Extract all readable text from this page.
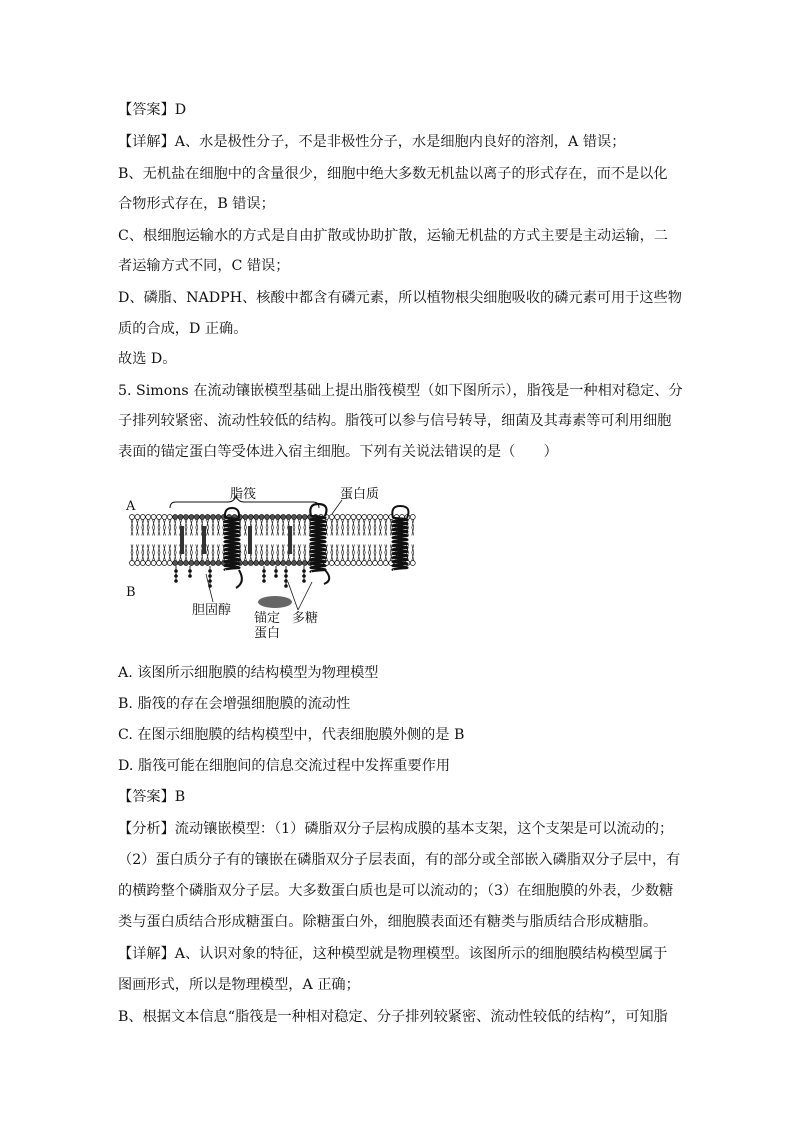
【答案】D
【详解】A、水是极性分子，不是非极性分子，水是细胞内良好的溶剂，A 错误；
B、无机盐在细胞中的含量很少，细胞中绝大多数无机盐以离子的形式存在，而不是以化
合物形式存在，B 错误；
C、根细胞运输水的方式是自由扩散或协助扩散，运输无机盐的方式主要是主动运输，二
者运输方式不同，C 错误；
D、磷脂、NADPH、核酸中都含有磷元素，所以植物根尖细胞吸收的磷元素可用于这些物
质的合成，D 正确。
故选 D。
5. Simons 在流动镶嵌模型基础上提出脂筏模型（如下图所示），脂筏是一种相对稳定、分
子排列较紧密、流动性较低的结构。脂筏可以参与信号转导，细菌及其毒素等可利用细胞
表面的锚定蛋白等受体进入宿主细胞。下列有关说法错误的是（　　）
A. 该图所示细胞膜的结构模型为物理模型
B. 脂筏的存在会增强细胞膜的流动性
C. 在图示细胞膜的结构模型中，代表细胞膜外侧的是 B
D. 脂筏可能在细胞间的信息交流过程中发挥重要作用
【答案】B
【分析】流动镶嵌模型：（1）磷脂双分子层构成膜的基本支架，这个支架是可以流动的；
（2）蛋白质分子有的镶嵌在磷脂双分子层表面，有的部分或全部嵌入磷脂双分子层中，有
的横跨整个磷脂双分子层。大多数蛋白质也是可以流动的；（3）在细胞膜的外表，少数糖
类与蛋白质结合形成糖蛋白。除糖蛋白外，细胞膜表面还有糖类与脂质结合形成糖脂。
【详解】A、认识对象的特征，这种模型就是物理模型。该图所示的细胞膜结构模型属于
图画形式，所以是物理模型，A 正确；
B、根据文本信息“脂筏是一种相对稳定、分子排列较紧密、流动性较低的结构”，可知脂
A
B
脂筏	蛋白质
胆固醇
锚定
蛋白
多糖
